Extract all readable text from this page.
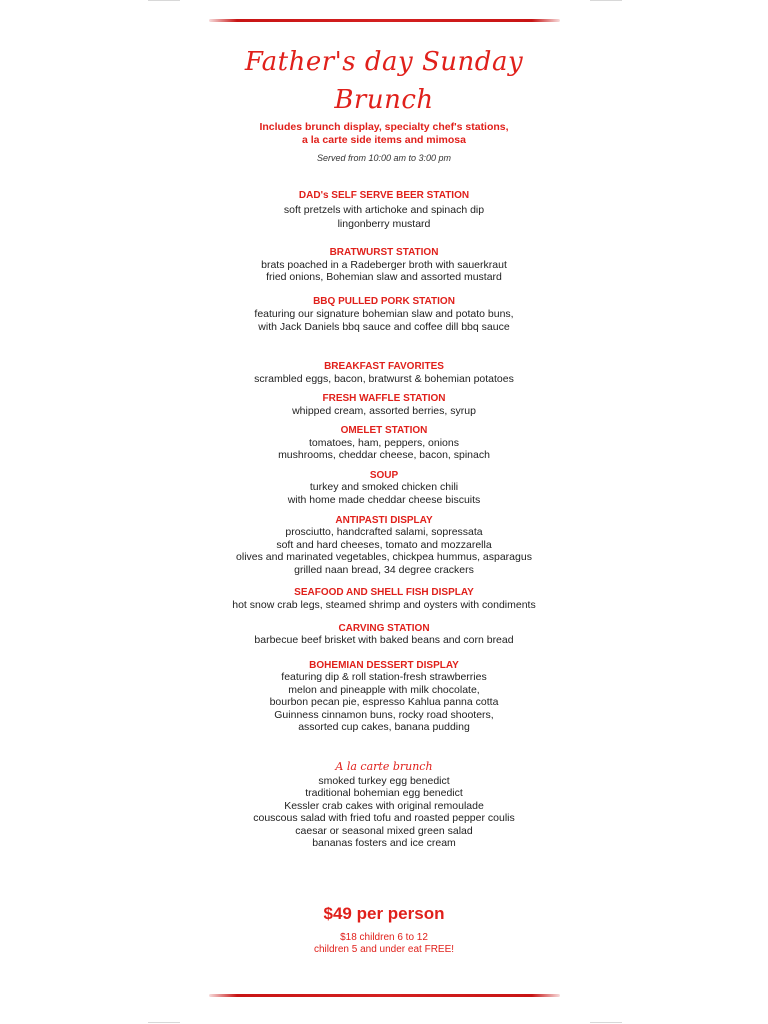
Father's day Sunday
Brunch
Includes brunch display, specialty chef's stations,
a la carte side items and mimosa
Served from 10:00 am to 3:00 pm
DAD's SELF SERVE BEER STATION
soft pretzels with artichoke and spinach dip
lingonberry mustard
BRATWURST STATION
brats poached in a Radeberger broth with sauerkraut
fried onions, Bohemian slaw and assorted mustard
BBQ PULLED PORK STATION
featuring our signature bohemian slaw and potato buns,
with Jack Daniels bbq sauce and coffee dill bbq sauce
BREAKFAST FAVORITES
scrambled eggs, bacon, bratwurst & bohemian potatoes
FRESH WAFFLE STATION
whipped cream, assorted berries, syrup
OMELET STATION
tomatoes, ham, peppers, onions
mushrooms, cheddar cheese, bacon, spinach
SOUP
turkey and smoked chicken chili
with home made cheddar cheese biscuits
ANTIPASTI DISPLAY
prosciutto, handcrafted salami, sopressata
soft and hard cheeses, tomato and mozzarella
olives and marinated vegetables, chickpea hummus, asparagus
grilled naan bread, 34 degree crackers
SEAFOOD AND SHELL FISH DISPLAY
hot snow crab legs, steamed shrimp and oysters with condiments
CARVING STATION
barbecue beef brisket with baked beans and corn bread
BOHEMIAN DESSERT DISPLAY
featuring dip & roll station-fresh strawberries
melon and pineapple with milk chocolate,
bourbon pecan pie, espresso Kahlua panna cotta
Guinness cinnamon buns, rocky road shooters,
assorted cup cakes, banana pudding
A la carte brunch
smoked turkey egg benedict
traditional bohemian egg benedict
Kessler crab cakes with original remoulade
couscous salad with fried tofu and roasted pepper coulis
caesar or seasonal mixed green salad
bananas fosters and ice cream
$49 per person
$18 children 6 to 12
children 5 and under eat FREE!
